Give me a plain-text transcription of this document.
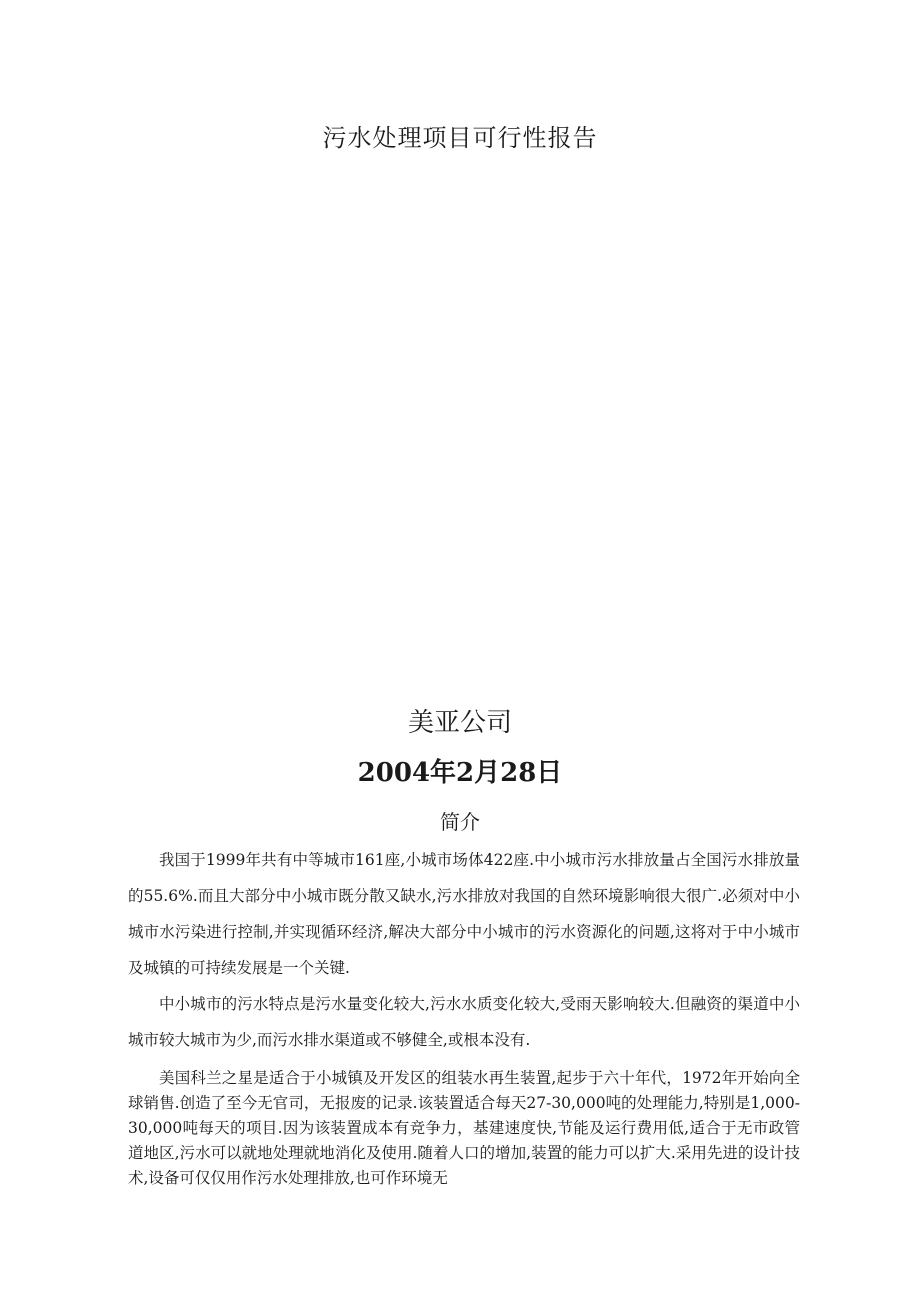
污水处理项目可行性报告
美亚公司
2004年2月28日
简介

我国于1999年共有中等城市161座,小城市场体422座.中小城市污水排放量占全国污水排放量的55.6%.而且大部分中小城市既分散又缺水,污水排放对我国的自然环境影响很大很广.必须对中小城市水污染进行控制,并实现循环经济,解决大部分中小城市的污水资源化的问题,这将对于中小城市及城镇的可持续发展是一个关键.

中小城市的污水特点是污水量变化较大,污水水质变化较大,受雨天影响较大.但融资的渠道中小城市较大城市为少,而污水排水渠道或不够健全,或根本没有.

美国科兰之星是适合于小城镇及开发区的组装水再生装置,起步于六十年代，1972年开始向全球销售.创造了至今无官司，无报废的记录.该装置适合每天27-30,000吨的处理能力,特别是1,000-30,000吨每天的项目.因为该装置成本有竞争力，基建速度快,节能及运行费用低,适合于无市政管道地区,污水可以就地处理就地消化及使用.随着人口的增加,装置的能力可以扩大.采用先进的设计技术,设备可仅仅用作污水处理排放,也可作环境无
